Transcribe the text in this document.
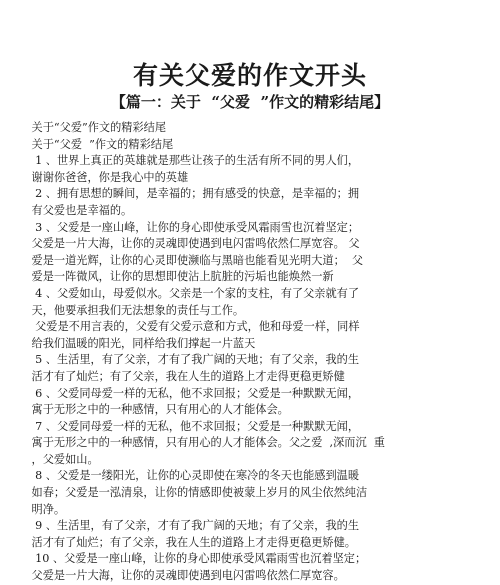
有关父爱的作文开头
【篇一：关于  “父爱  ”作文的精彩结尾】
关于“父爱”作文的精彩结尾
关于“父爱  ”作文的精彩结尾
1 、世界上真正的英雄就是那些让孩子的生活有所不同的男人们，
谢谢你爸爸，你是我心中的英雄
2 、拥有思想的瞬间，是幸福的；拥有感受的快意，是幸福的；拥
有父爱也是幸福的。
3 、父爱是一座山峰，让你的身心即使承受风霜雨雪也沉着坚定；
父爱是一片大海，让你的灵魂即使遇到电闪雷鸣依然仁厚宽容。 父
爱是一道光辉，让你的心灵即使濒临与黑暗也能看见光明大道；  父
爱是一阵微风，让你的思想即使沾上肮脏的污垢也能焕然一新
4 、父爱如山，母爱似水。父亲是一个家的支柱，有了父亲就有了
天，他要承担我们无法想象的责任与工作。
父爱是不用言表的，父爱有父爱示意和方式，他和母爱一样，同样
给我们温暖的阳光，同样给我们撑起一片蓝天
5 、生活里，有了父亲，才有了我广阔的天地；有了父亲，我的生
活才有了灿烂；有了父亲，我在人生的道路上才走得更稳更矫健
6 、父爱同母爱一样的无私，他不求回报；父爱是一种默默无闻，
寓于无形之中的一种感情，只有用心的人才能体会。
7 、父爱同母爱一样的无私，他不求回报；父爱是一种默默无闻，
寓于无形之中的一种感情，只有用心的人才能体会。父之爱  ,深而沉  重
，父爱如山。
8 、父爱是一缕阳光，让你的心灵即使在寒冷的冬天也能感到温暖
如春；父爱是一泓清泉，让你的情感即使被蒙上岁月的风尘依然纯洁
明净。
9 、生活里，有了父亲，才有了我广阔的天地；有了父亲，我的生
活才有了灿烂；有了父亲，我在人生的道路上才走得更稳更矫健。
10 、父爱是一座山峰，让你的身心即使承受风霜雨雪也沉着坚定；
父爱是一片大海，让你的灵魂即使遇到电闪雷鸣依然仁厚宽容。
